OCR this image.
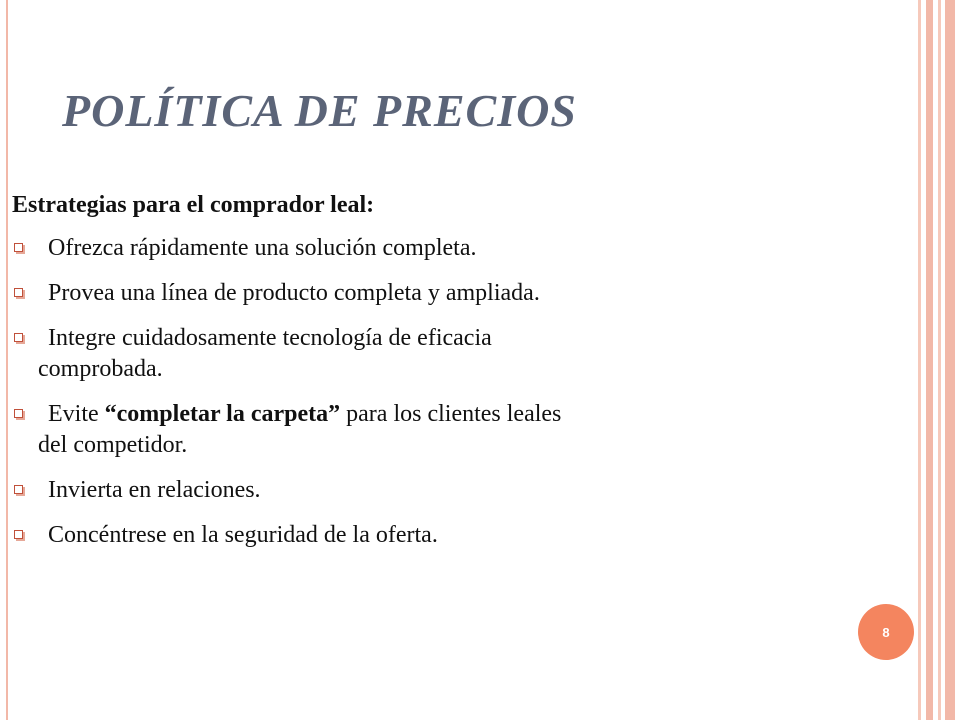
POLÍTICA DE PRECIOS
Estrategias para el comprador leal:
Ofrezca rápidamente una solución completa.
Provea una línea de producto completa y ampliada.
Integre cuidadosamente tecnología de eficacia
comprobada.
Evite “completar la carpeta” para los clientes leales
del competidor.
Invierta en relaciones.
Concéntrese en la seguridad de la oferta.
8
